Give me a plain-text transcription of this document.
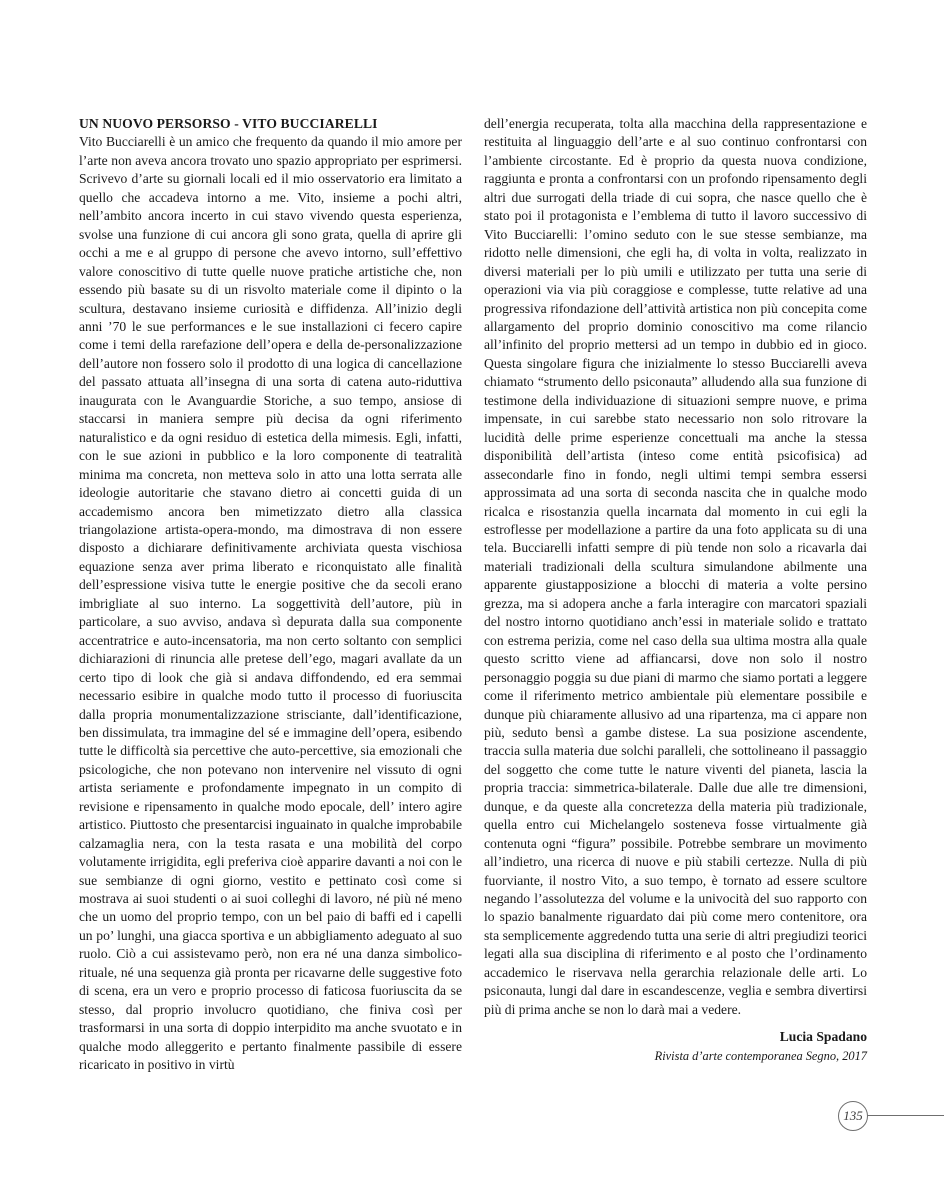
UN NUOVO PERSORSO - VITO BUCCIARELLI

Vito Bucciarelli è un amico che frequento da quando il mio amore per l’arte non aveva ancora trovato uno spazio appropriato per esprimersi. Scrivevo d’arte su giornali locali ed il mio osservatorio era limitato a quello che accadeva intorno a me. Vito, insieme a pochi altri, nell’ambito ancora incerto in cui stavo vivendo questa esperienza, svolse una funzione di cui ancora gli sono grata, quella di aprire gli occhi a me e al gruppo di persone che avevo intorno, sull’effettivo valore conoscitivo di tutte quelle nuove pratiche artistiche che, non essendo più basate su di un risvolto materiale come il dipinto o la scultura, destavano insieme curiosità e diffidenza. All’inizio degli anni ’70 le sue performances e le sue installazioni ci fecero capire come i temi della rarefazione dell’opera e della de-personalizzazione dell’autore non fossero solo il prodotto di una logica di cancellazione del passato attuata all’insegna di una sorta di catena auto-riduttiva inaugurata con le Avanguardie Storiche, a suo tempo, ansiose di staccarsi in maniera sempre più decisa da ogni riferimento naturalistico e da ogni residuo di estetica della mimesis. Egli, infatti, con le sue azioni in pubblico e la loro componente di teatralità minima ma concreta, non metteva solo in atto una lotta serrata alle ideologie autoritarie che stavano dietro ai concetti guida di un accademismo ancora ben mimetizzato dietro alla classica triangolazione artista-opera-mondo, ma dimostrava di non essere disposto a dichiarare definitivamente archiviata questa vischiosa equazione senza aver prima liberato e riconquistato alle finalità dell’espressione visiva tutte le energie positive che da secoli erano imbrigliate al suo interno. La soggettività dell’autore, più in particolare, a suo avviso, andava sì depurata dalla sua componente accentratrice e auto-incensatoria, ma non certo soltanto con semplici dichiarazioni di rinuncia alle pretese dell’ego, magari avallate da un certo tipo di look che già si andava diffondendo, ed era semmai necessario esibire in qualche modo tutto il processo di fuoriuscita dalla propria monumentalizzazione strisciante, dall’identificazione, ben dissimulata, tra immagine del sé e immagine dell’opera, esibendo tutte le difficoltà sia percettive che auto-percettive, sia emozionali che psicologiche, che non potevano non intervenire nel vissuto di ogni artista seriamente e profondamente impegnato in un compito di revisione e ripensamento in qualche modo epocale, dell’ intero agire artistico. Piuttosto che presentarcisi inguainato in qualche improbabile calzamaglia nera, con la testa rasata e una mobilità del corpo volutamente irrigidita, egli preferiva cioè apparire davanti a noi con le sue sembianze di ogni giorno, vestito e pettinato così come si mostrava ai suoi studenti o ai suoi colleghi di lavoro, né più né meno che un uomo del proprio tempo, con un bel paio di baffi ed i capelli un po’ lunghi, una giacca sportiva e un abbigliamento adeguato al suo ruolo. Ciò a cui assistevamo però, non era né una danza simbolico-rituale, né una sequenza già pronta per ricavarne delle suggestive foto di scena, era un vero e proprio processo di faticosa fuoriuscita da se stesso, dal proprio involucro quotidiano, che finiva così per trasformarsi in una sorta di doppio interpidito ma anche svuotato e in qualche modo alleggerito e pertanto finalmente passibile di essere ricaricato in positivo in virtù

dell’energia recuperata, tolta alla macchina della rappresentazione e restituita al linguaggio dell’arte e al suo continuo confrontarsi con l’ambiente circostante. Ed è proprio da questa nuova condizione, raggiunta e pronta a confrontarsi con un profondo ripensamento degli altri due surrogati della triade di cui sopra, che nasce quello che è stato poi il protagonista e l’emblema di tutto il lavoro successivo di Vito Bucciarelli: l’omino seduto con le sue stesse sembianze, ma ridotto nelle dimensioni, che egli ha, di volta in volta, realizzato in diversi materiali per lo più umili e utilizzato per tutta una serie di operazioni via via più coraggiose e complesse, tutte relative ad una progressiva rifondazione dell’attività artistica non più concepita come allargamento del proprio dominio conoscitivo ma come rilancio all’infinito del proprio mettersi ad un tempo in dubbio ed in gioco. Questa singolare figura che inizialmente lo stesso Bucciarelli aveva chiamato “strumento dello psiconauta” alludendo alla sua funzione di testimone della individuazione di situazioni sempre nuove, e prima impensate, in cui sarebbe stato necessario non solo ritrovare la lucidità delle prime esperienze concettuali ma anche la stessa disponibilità dell’artista (inteso come entità psicofisica) ad assecondarle fino in fondo, negli ultimi tempi sembra essersi approssimata ad una sorta di seconda nascita che in qualche modo ricalca e risostanzia quella incarnata dal momento in cui egli la estroflesse per modellazione a partire da una foto applicata su di una tela. Bucciarelli infatti sempre di più tende non solo a ricavarla dai materiali tradizionali della scultura simulandone abilmente una apparente giustapposizione a blocchi di materia a volte persino grezza, ma si adopera anche a farla interagire con marcatori spaziali del nostro intorno quotidiano anch’essi in materiale solido e trattato con estrema perizia, come nel caso della sua ultima mostra alla quale questo scritto viene ad affiancarsi, dove non solo il nostro personaggio poggia su due piani di marmo che siamo portati a leggere come il riferimento metrico ambientale più elementare possibile e dunque più chiaramente allusivo ad una ripartenza, ma ci appare non più, seduto bensì a gambe distese. La sua posizione ascendente, traccia sulla materia due solchi paralleli, che sottolineano il passaggio del soggetto che come tutte le nature viventi del pianeta, lascia la propria traccia: simmetrica-bilaterale. Dalle due alle tre dimensioni, dunque, e da queste alla concretezza della materia più tradizionale, quella entro cui Michelangelo sosteneva fosse virtualmente già contenuta ogni “figura” possibile. Potrebbe sembrare un movimento all’indietro, una ricerca di nuove e più stabili certezze. Nulla di più fuorviante, il nostro Vito, a suo tempo, è tornato ad essere scultore negando l’assolutezza del volume e la univocità del suo rapporto con lo spazio banalmente riguardato dai più come mero contenitore, ora sta semplicemente aggredendo tutta una serie di altri pregiudizi teorici legati alla sua disciplina di riferimento e al posto che l’ordinamento accademico le riservava nella gerarchia relazionale delle arti. Lo psiconauta, lungi dal dare in escandescenze, veglia e sembra divertirsi più di prima anche se non lo darà mai a vedere.

Lucia Spadano
Rivista d’arte contemporanea Segno, 2017
135
